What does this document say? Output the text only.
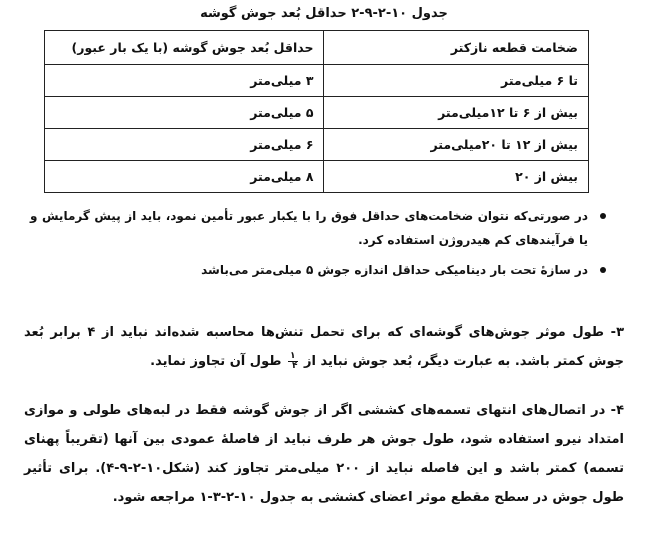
جدول ۱۰-۲-۹-۲ حداقل بُعد جوش گوشه
ضخامت قطعه نازکتر	حداقل بُعد جوش گوشه (با یک بار عبور)
تا ۶ میلی‌متر	۳ میلی‌متر
بیش از ۶ تا ۱۲میلی‌متر	۵ میلی‌متر
بیش از ۱۲ تا ۲۰میلی‌متر	۶ میلی‌متر
بیش از ۲۰	۸ میلی‌متر
در صورتی‌که نتوان ضخامت‌های حداقل فوق را با یکبار عبور تأمین نمود، باید از پیش گرمایش و یا فرآیندهای کم هیدروژن استفاده کرد.
در سازهٔ تحت بار دینامیکی حداقل اندازه جوش ۵ میلی‌متر می‌باشد
۳- طول موثر جوش‌های گوشه‌ای که برای تحمل تنش‌ها محاسبه شده‌اند نباید از ۴ برابر بُعد جوش کمتر باشد. به عبارت دیگر، بُعد جوش نباید از
$\frac{۱}{۴}$
طول آن تجاوز نماید.
۴- در اتصال‌های انتهای تسمه‌های کششی اگر از جوش گوشه فقط در لبه‌های طولی و موازی امتداد نیرو استفاده شود، طول جوش هر طرف نباید از فاصلهٔ عمودی بین آنها (تقریباً پهنای تسمه) کمتر باشد و این فاصله نباید از ۲۰۰ میلی‌متر تجاوز کند (شکل۱۰-۲-۹-۴). برای تأثیر طول جوش در سطح مقطع موثر اعضای کششی به جدول ۱۰-۲-۳-۱ مراجعه شود.
